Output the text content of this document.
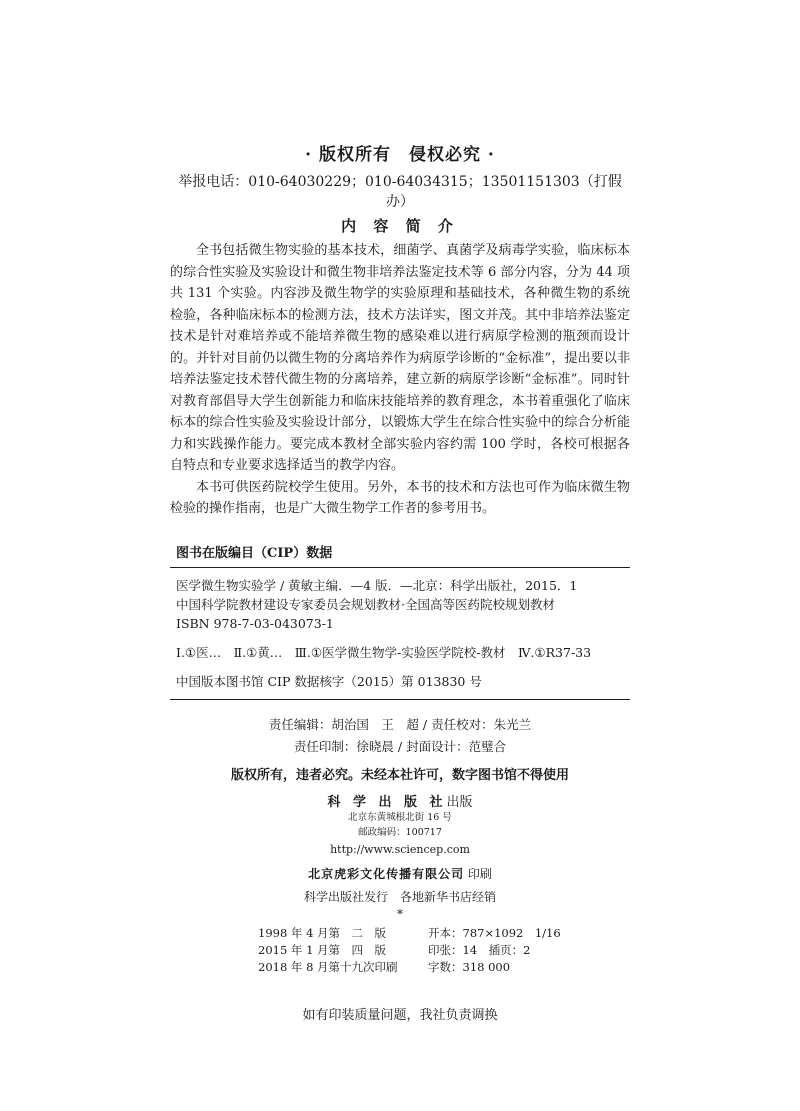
· 版权所有　侵权必究 ·

举报电话：010-64030229；010-64034315；13501151303（打假办）

内 容 简 介

全书包括微生物实验的基本技术，细菌学、真菌学及病毒学实验，临床标本的综合性实验及实验设计和微生物非培养法鉴定技术等 6 部分内容，分为 44 项共 131 个实验。内容涉及微生物学的实验原理和基础技术，各种微生物的系统检验，各种临床标本的检测方法，技术方法详实，图文并茂。其中非培养法鉴定技术是针对难培养或不能培养微生物的感染难以进行病原学检测的瓶颈而设计的。并针对目前仍以微生物的分离培养作为病原学诊断的“金标准”，提出要以非培养法鉴定技术替代微生物的分离培养，建立新的病原学诊断“金标准”。同时针对教育部倡导大学生创新能力和临床技能培养的教育理念，本书着重强化了临床标本的综合性实验及实验设计部分，以锻炼大学生在综合性实验中的综合分析能力和实践操作能力。要完成本教材全部实验内容约需 100 学时，各校可根据各自特点和专业要求选择适当的教学内容。

本书可供医药院校学生使用。另外，本书的技术和方法也可作为临床微生物检验的操作指南，也是广大微生物学工作者的参考用书。

图书在版编目（CIP）数据
医学微生物实验学 / 黄敏主编．—4 版．—北京：科学出版社，2015．1
中国科学院教材建设专家委员会规划教材·全国高等医药院校规划教材
ISBN 978-7-03-043073-1
Ⅰ.①医…　Ⅱ.①黄…　Ⅲ.①医学微生物学-实验医学院校-教材　Ⅳ.①R37-33
中国版本图书馆 CIP 数据核字（2015）第 013830 号
责任编辑：胡治国　王　超 / 责任校对：朱光兰
责任印制：徐晓晨 / 封面设计：范璧合
版权所有，违者必究。未经本社许可，数字图书馆不得使用
科 学 出 版 社出版
北京东黄城根北街 16 号
邮政编码：100717
http://www.sciencep.com
北京虎彩文化传播有限公司 印刷
科学出版社发行　各地新华书店经销
*
1998 年 4 月第　二　版	开本：787×1092　1/16
2015 年 1 月第　四　版	印张：14　插页：2
2018 年 8 月第十九次印刷	字数：318 000
如有印装质量问题，我社负责调换
